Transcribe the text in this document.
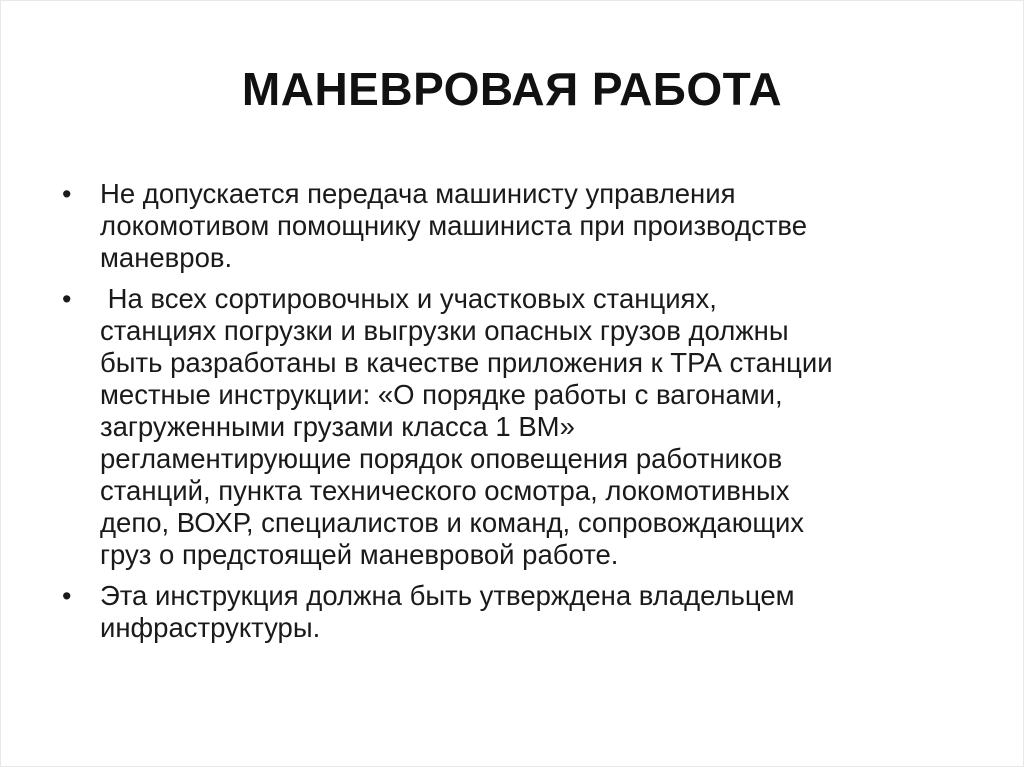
МАНЕВРОВАЯ РАБОТА
• Не допускается передача машинисту управления
локомотивом помощнику машиниста при производстве
маневров.
• На всех сортировочных и участковых станциях,
станциях погрузки и выгрузки опасных грузов должны
быть разработаны в качестве приложения к ТРА станции
местные инструкции: «О порядке работы с вагонами,
загруженными грузами класса 1 ВМ»
регламентирующие порядок оповещения работников
станций, пункта технического осмотра, локомотивных
депо, ВОХР, специалистов и команд, сопровождающих
груз о предстоящей маневровой работе.
• Эта инструкция должна быть утверждена владельцем
инфраструктуры.
